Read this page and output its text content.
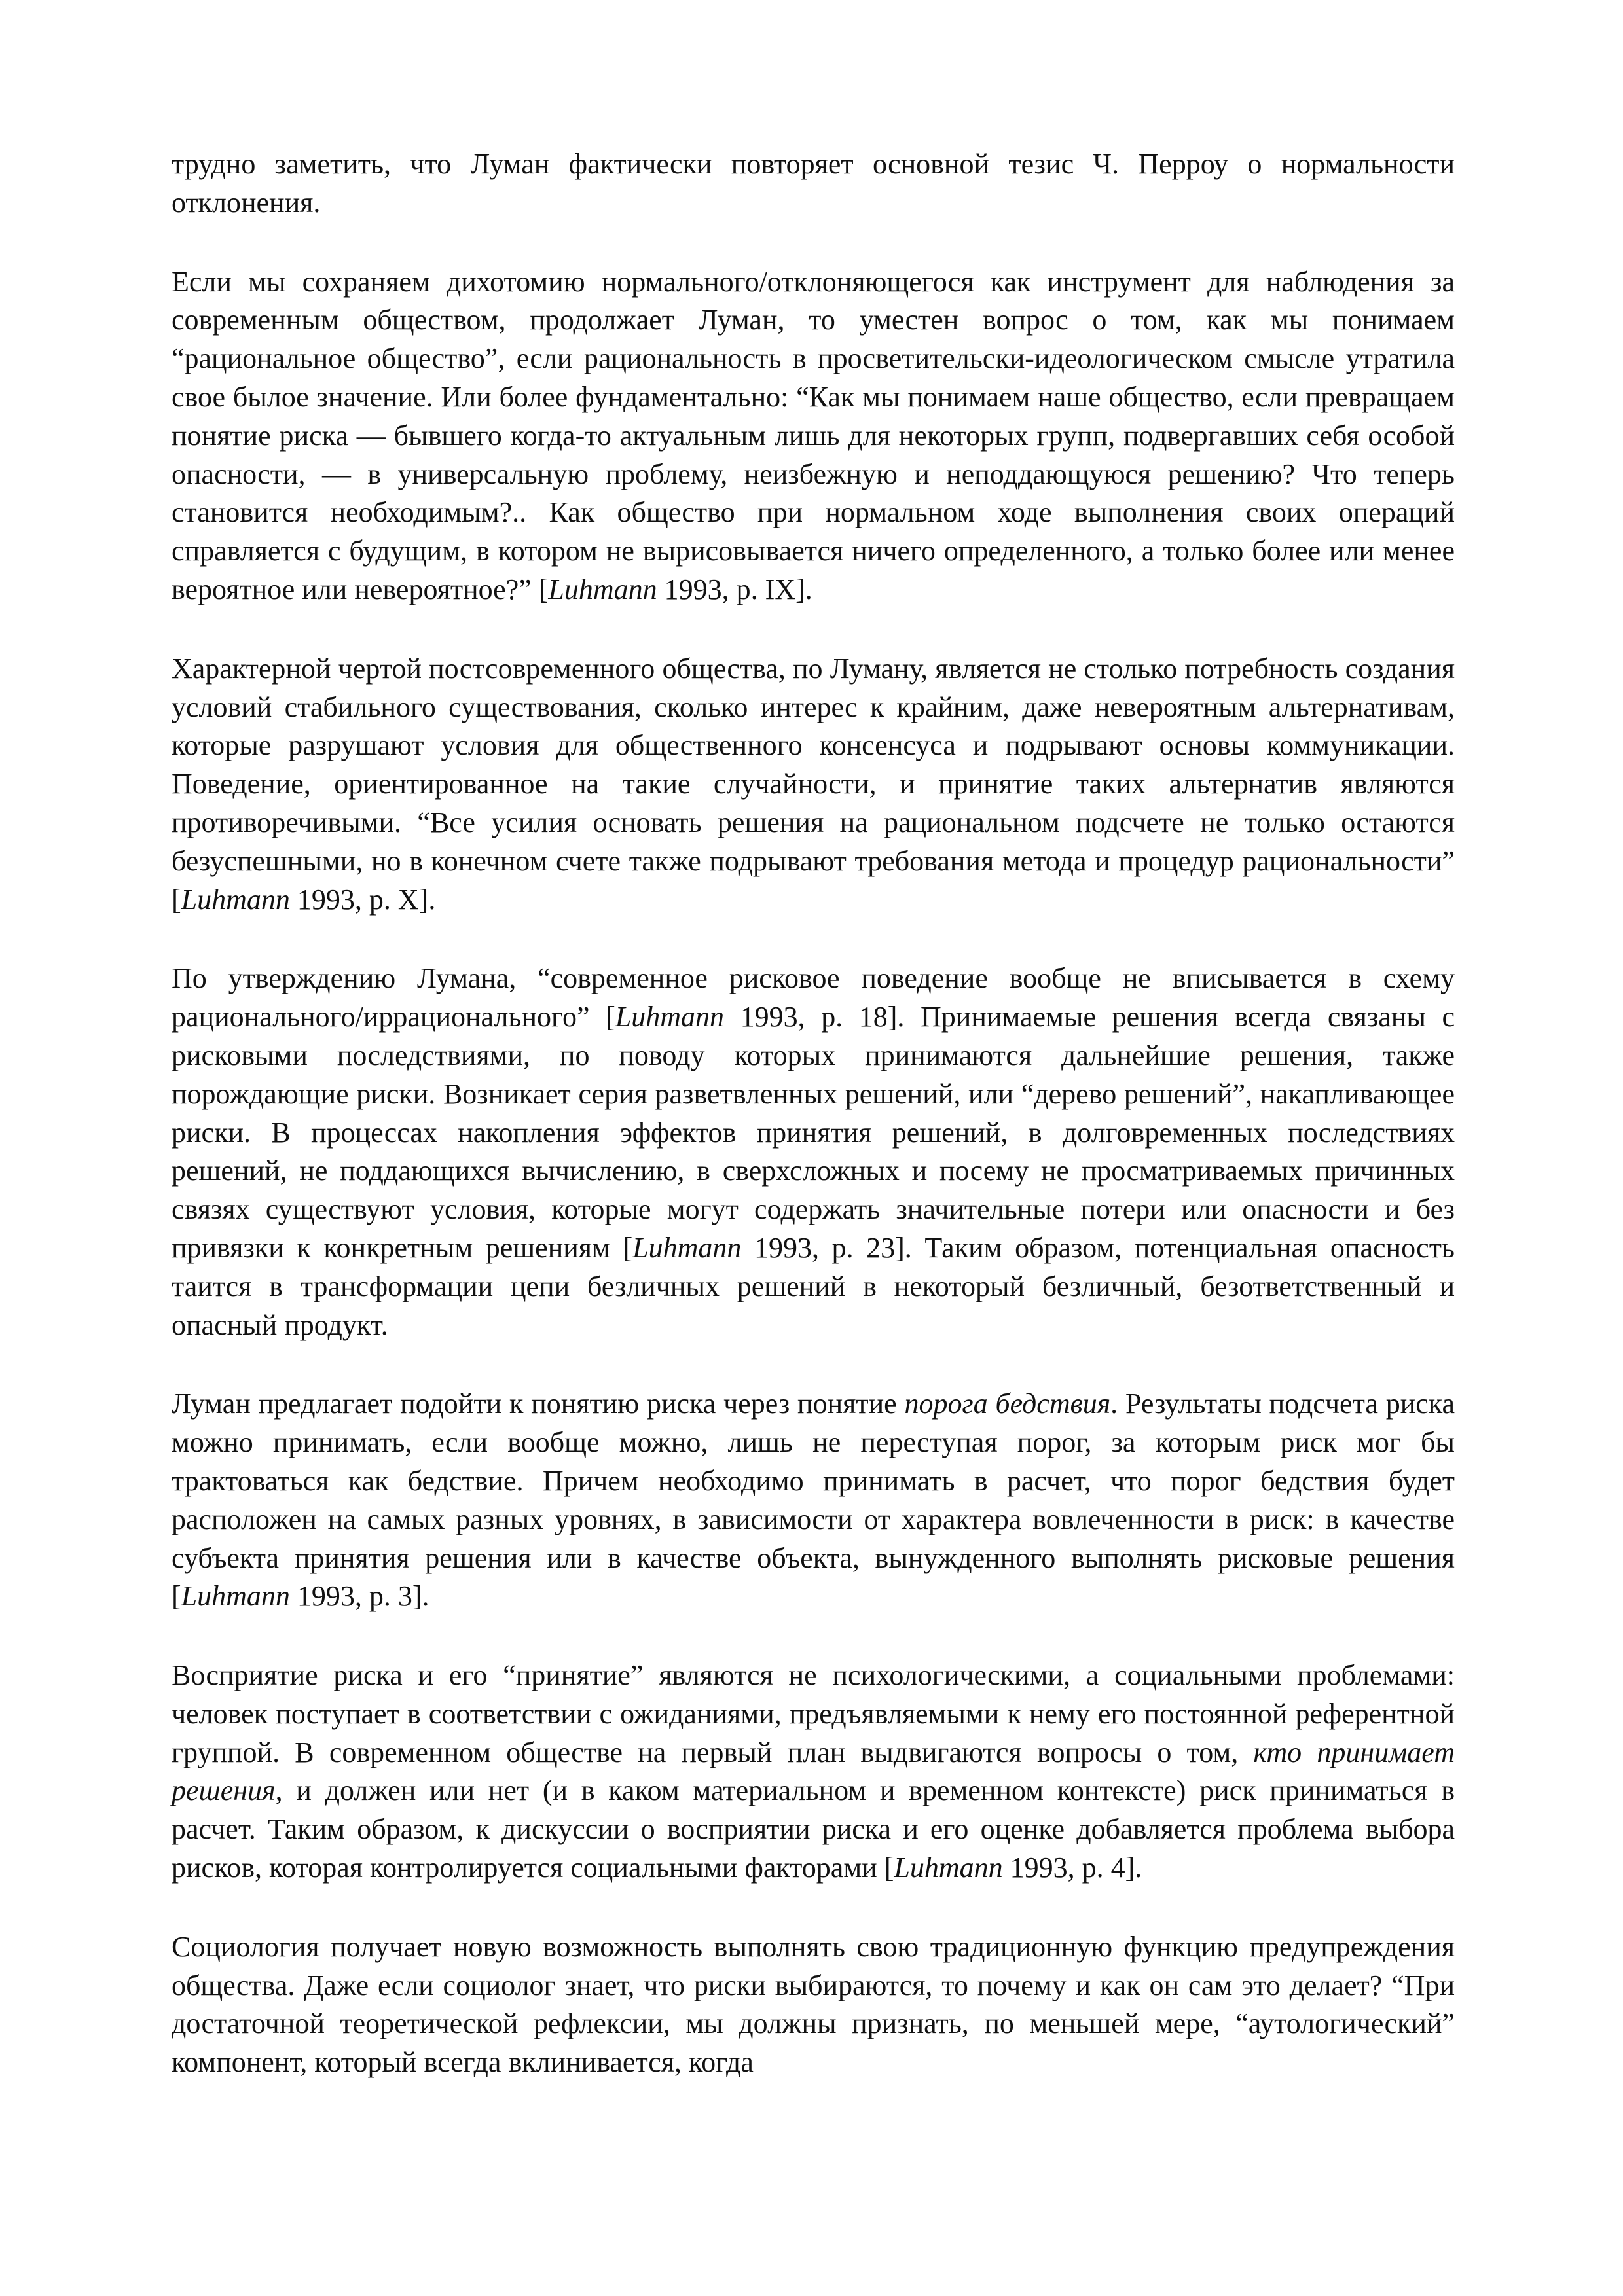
трудно заметить, что Луман фактически повторяет основной тезис Ч. Перроу о нормальности отклонения.

Если мы сохраняем дихотомию нормального/отклоняющегося как инструмент для наблюдения за современным обществом, продолжает Луман, то уместен вопрос о том, как мы понимаем “рациональное общество”, если рациональность в просветительски-идеологическом смысле утратила свое былое значение. Или более фундаментально: “Как мы понимаем наше общество, если превращаем понятие риска — бывшего когда-то актуальным лишь для некоторых групп, подвергавших себя особой опасности, — в универсальную проблему, неизбежную и неподдающуюся решению? Что теперь становится необходимым?.. Как общество при нормальном ходе выполнения своих операций справляется с будущим, в котором не вырисовывается ничего определенного, а только более или менее вероятное или невероятное?” [Luhmann 1993, p. IX].

Характерной чертой постсовременного общества, по Луману, является не столько потребность создания условий стабильного существования, сколько интерес к крайним, даже невероятным альтернативам, которые разрушают условия для общественного консенсуса и подрывают основы коммуникации. Поведение, ориентированное на такие случайности, и принятие таких альтернатив являются противоречивыми. “Все усилия основать решения на рациональном подсчете не только остаются безуспешными, но в конечном счете также подрывают требования метода и процедур рациональности” [Luhmann 1993, p. X].

По утверждению Лумана, “современное рисковое поведение вообще не вписывается в схему рационального/иррационального” [Luhmann 1993, p. 18]. Принимаемые решения всегда связаны с рисковыми последствиями, по поводу которых принимаются дальнейшие решения, также порождающие риски. Возникает серия разветвленных решений, или “дерево решений”, накапливающее риски. В процессах накопления эффектов принятия решений, в долговременных последствиях решений, не поддающихся вычислению, в сверхсложных и посему не просматриваемых причинных связях существуют условия, которые могут содержать значительные потери или опасности и без привязки к конкретным решениям [Luhmann 1993, p. 23]. Таким образом, потенциальная опасность таится в трансформации цепи безличных решений в некоторый безличный, безответственный и опасный продукт.

Луман предлагает подойти к понятию риска через понятие порога бедствия. Результаты подсчета риска можно принимать, если вообще можно, лишь не переступая порог, за которым риск мог бы трактоваться как бедствие. Причем необходимо принимать в расчет, что порог бедствия будет расположен на самых разных уровнях, в зависимости от характера вовлеченности в риск: в качестве субъекта принятия решения или в качестве объекта, вынужденного выполнять рисковые решения [Luhmann 1993, p. 3].

Восприятие риска и его “принятие” являются не психологическими, а социальными проблемами: человек поступает в соответствии с ожиданиями, предъявляемыми к нему его постоянной референтной группой. В современном обществе на первый план выдвигаются вопросы о том, кто принимает решения, и должен или нет (и в каком материальном и временном контексте) риск приниматься в расчет. Таким образом, к дискуссии о восприятии риска и его оценке добавляется проблема выбора рисков, которая контролируется социальными факторами [Luhmann 1993, p. 4].

Социология получает новую возможность выполнять свою традиционную функцию предупреждения общества. Даже если социолог знает, что риски выбираются, то почему и как он сам это делает? “При достаточной теоретической рефлексии, мы должны признать, по меньшей мере, “аутологический” компонент, который всегда вклинивается, когда
